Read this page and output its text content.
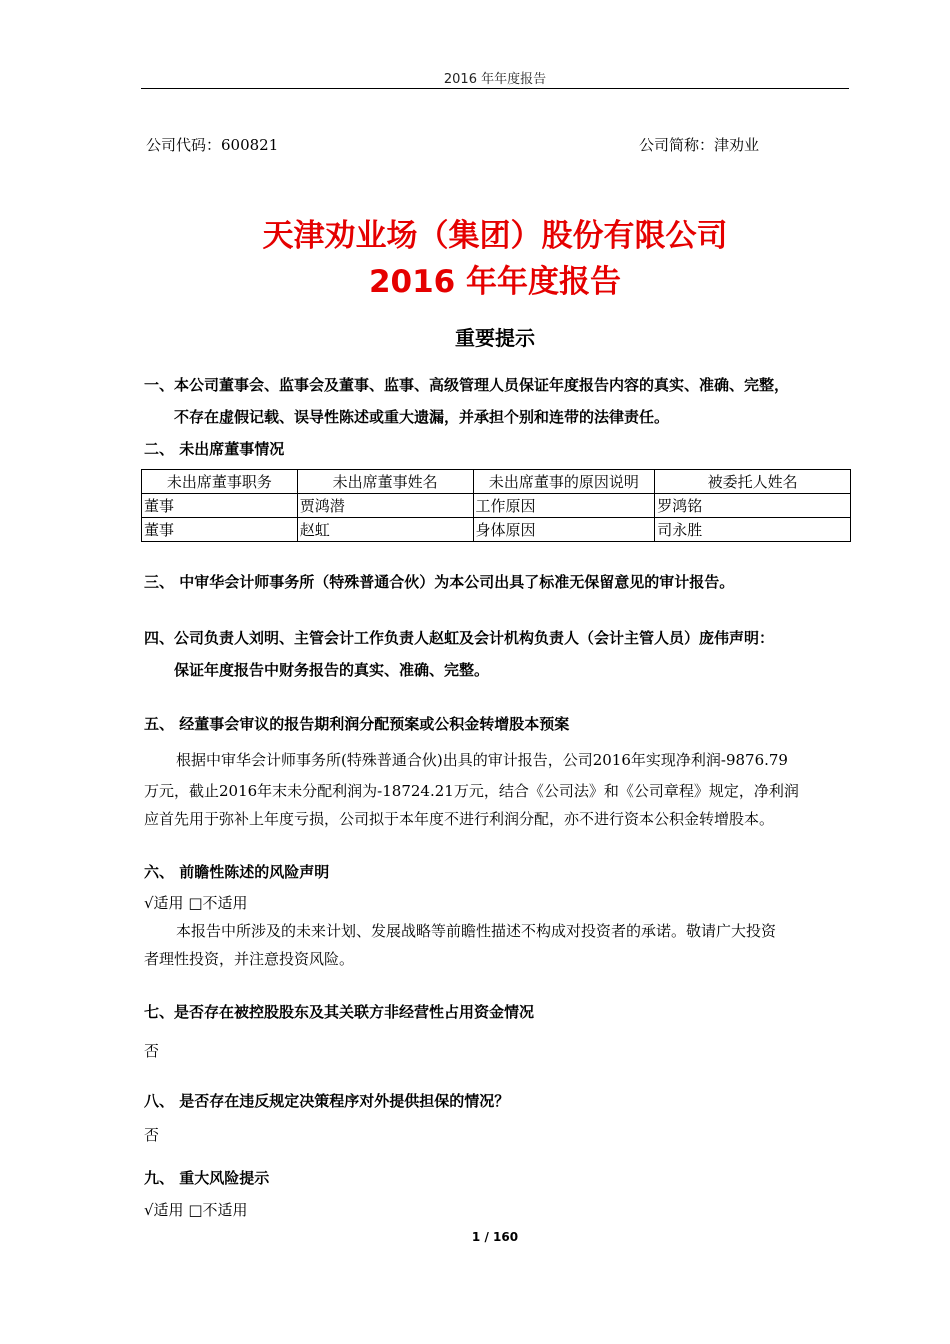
2016 年年度报告
公司代码：600821	公司简称：津劝业
天津劝业场（集团）股份有限公司
2016 年年度报告
重要提示
一、本公司董事会、监事会及董事、监事、高级管理人员保证年度报告内容的真实、准确、完整，
不存在虚假记载、误导性陈述或重大遗漏，并承担个别和连带的法律责任。
二、 未出席董事情况
未出席董事职务	未出席董事姓名	未出席董事的原因说明	被委托人姓名
董事	贾鸿潜	工作原因	罗鸿铭
董事	赵虹	身体原因	司永胜
三、 中审华会计师事务所（特殊普通合伙）为本公司出具了标准无保留意见的审计报告。
四、公司负责人刘明、主管会计工作负责人赵虹及会计机构负责人（会计主管人员）庞伟声明：
保证年度报告中财务报告的真实、准确、完整。
五、 经董事会审议的报告期利润分配预案或公积金转增股本预案
根据中审华会计师事务所(特殊普通合伙)出具的审计报告，公司2016年实现净利润-9876.79
万元，截止2016年末未分配利润为-18724.21万元，结合《公司法》和《公司章程》规定，净利润
应首先用于弥补上年度亏损，公司拟于本年度不进行利润分配，亦不进行资本公积金转增股本。
六、 前瞻性陈述的风险声明
√适用 □不适用
本报告中所涉及的未来计划、发展战略等前瞻性描述不构成对投资者的承诺。敬请广大投资
者理性投资，并注意投资风险。
七、是否存在被控股股东及其关联方非经营性占用资金情况
否
八、 是否存在违反规定决策程序对外提供担保的情况？
否
九、 重大风险提示
√适用 □不适用
1 / 160
